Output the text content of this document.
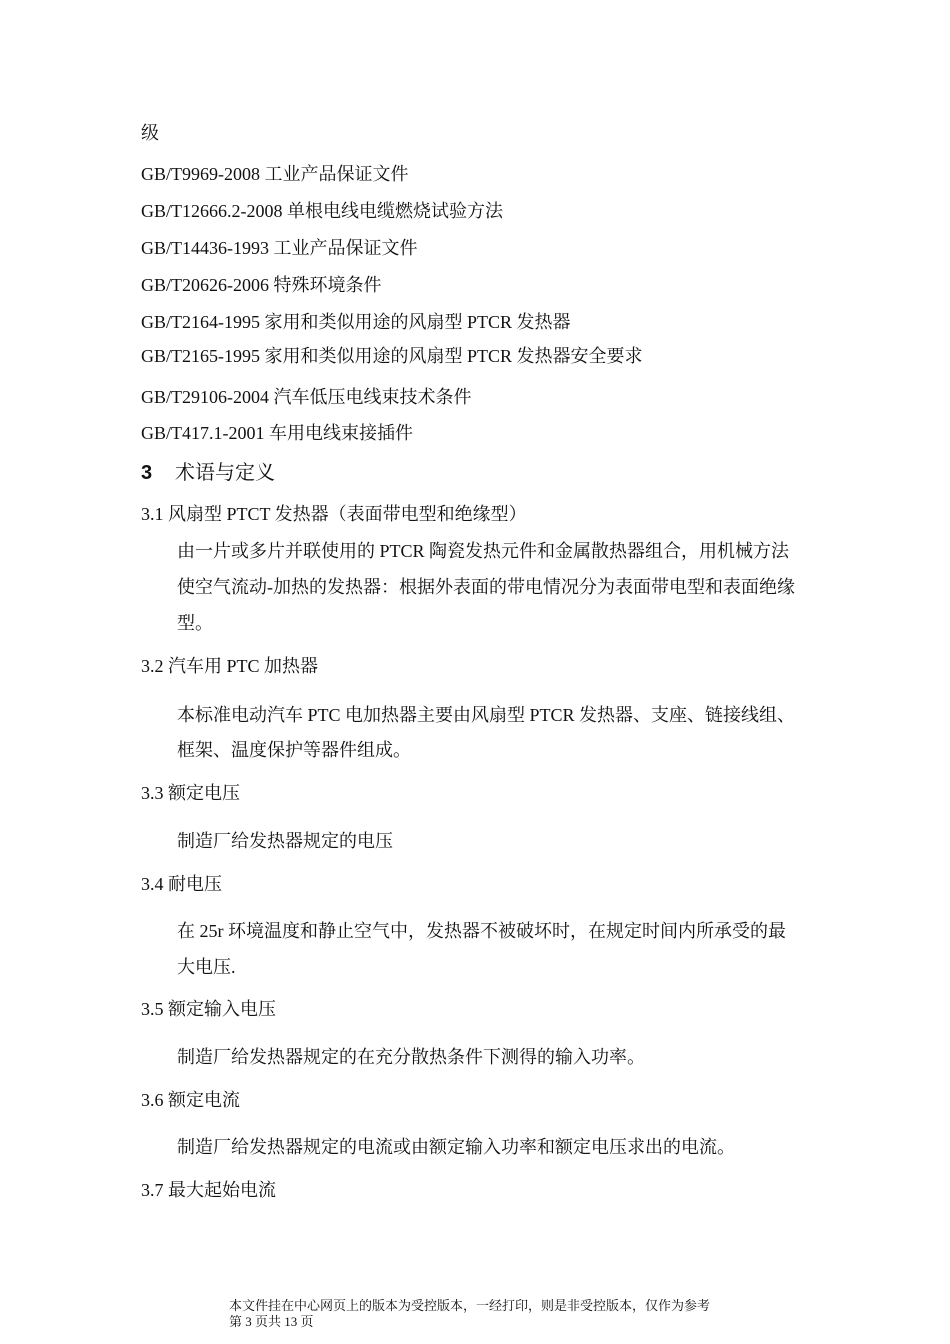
级
GB/T9969-2008 工业产品保证文件
GB/T12666.2-2008 单根电线电缆燃烧试验方法
GB/T14436-1993 工业产品保证文件
GB/T20626-2006 特殊环境条件
GB/T2164-1995 家用和类似用途的风扇型 PTCR 发热器
GB/T2165-1995 家用和类似用途的风扇型 PTCR 发热器安全要求
GB/T29106-2004 汽车低压电线束技术条件
GB/T417.1-2001 车用电线束接插件
3 术语与定义
3.1 风扇型 PTCT 发热器（表面带电型和绝缘型）
由一片或多片并联使用的 PTCR 陶瓷发热元件和金属散热器组合，用机械方法
使空气流动-加热的发热器：根据外表面的带电情况分为表面带电型和表面绝缘
型。
3.2 汽车用 PTC 加热器
本标准电动汽车 PTC 电加热器主要由风扇型 PTCR 发热器、支座、链接线组、
框架、温度保护等器件组成。
3.3 额定电压
制造厂给发热器规定的电压
3.4 耐电压
在 25r 环境温度和静止空气中，发热器不被破坏时，在规定时间内所承受的最
大电压.
3.5 额定输入电压
制造厂给发热器规定的在充分散热条件下测得的输入功率。
3.6 额定电流
制造厂给发热器规定的电流或由额定输入功率和额定电压求出的电流。
3.7 最大起始电流
本文件挂在中心网页上的版本为受控版本，一经打印，则是非受控版本，仅作为参考
第 3 页共 13 页
